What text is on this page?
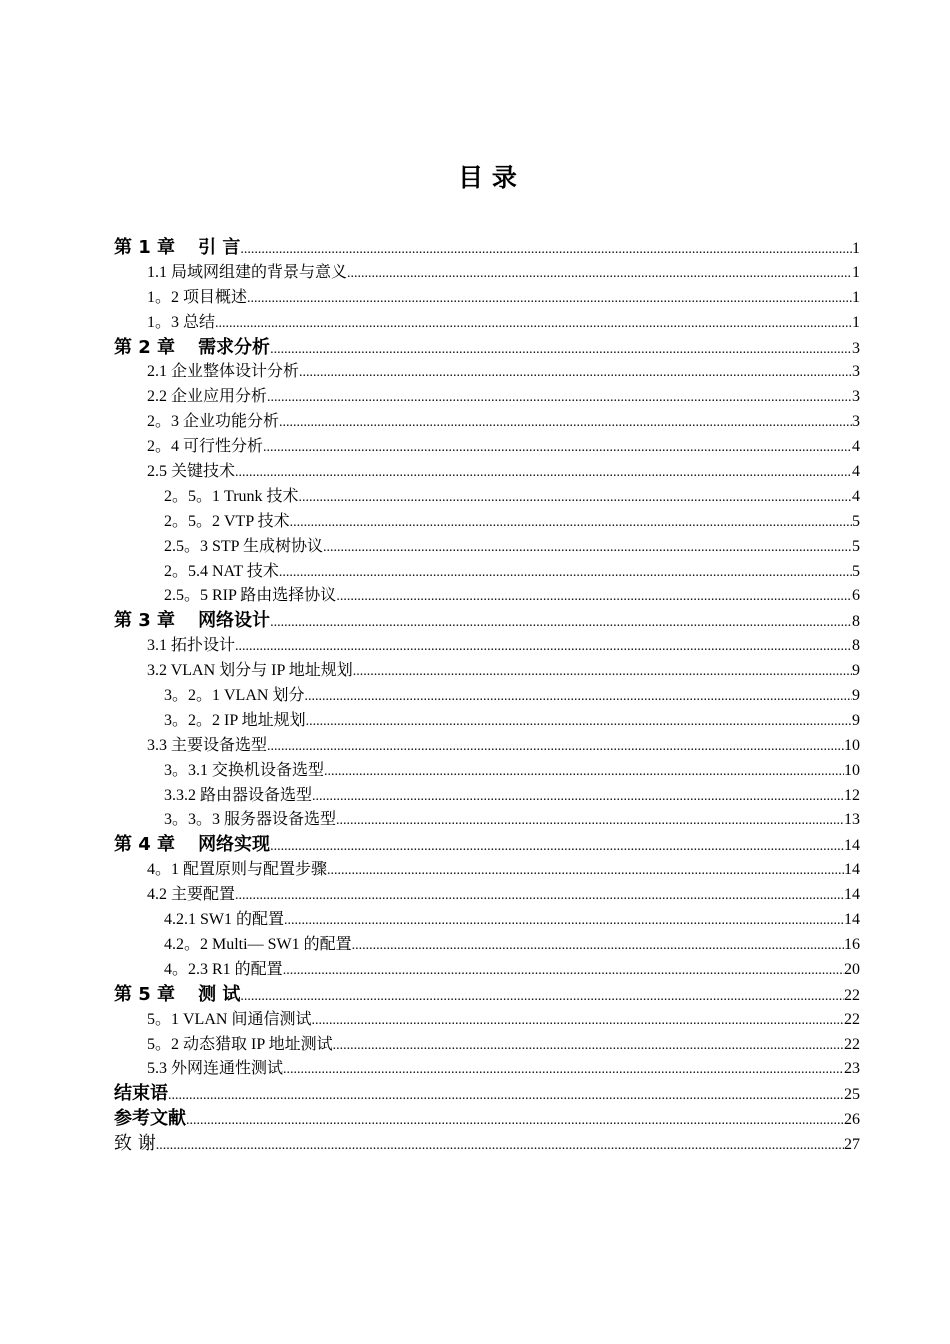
目 录
第 1 章 引 言 .....	1
1.1 局域网组建的背景与意义 .....	1
1。2 项目概述 .....	1
1。3 总结 .....	1
第 2 章 需求分析 .....	3
2.1 企业整体设计分析 .....	3
2.2 企业应用分析 .....	3
2。3 企业功能分析 .....	3
2。4 可行性分析 .....	4
2.5 关键技术 .....	4
2。5。1 Trunk 技术 .....	4
2。5。2 VTP 技术 .....	5
2.5。3 STP 生成树协议 .....	5
2。5.4 NAT 技术 .....	5
2.5。5 RIP 路由选择协议 .....	6
第 3 章 网络设计 .....	8
3.1 拓扑设计 .....	8
3.2 VLAN 划分与 IP 地址规划 .....	9
3。2。1 VLAN 划分 .....	9
3。2。2 IP 地址规划 .....	9
3.3 主要设备选型 .....	10
3。3.1 交换机设备选型 .....	10
3.3.2 路由器设备选型 .....	12
3。3。3 服务器设备选型 .....	13
第 4 章 网络实现 .....	14
4。1 配置原则与配置步骤 .....	14
4.2 主要配置 .....	14
4.2.1 SW1 的配置 .....	14
4.2。2 Multi— SW1 的配置 .....	16
4。2.3 R1 的配置 .....	20
第 5 章 测 试 .....	22
5。1 VLAN 间通信测试 .....	22
5。2 动态猎取 IP 地址测试 .....	22
5.3 外网连通性测试 .....	23
结束语 .....	25
参考文献 .....	26
致 谢 .....	27
